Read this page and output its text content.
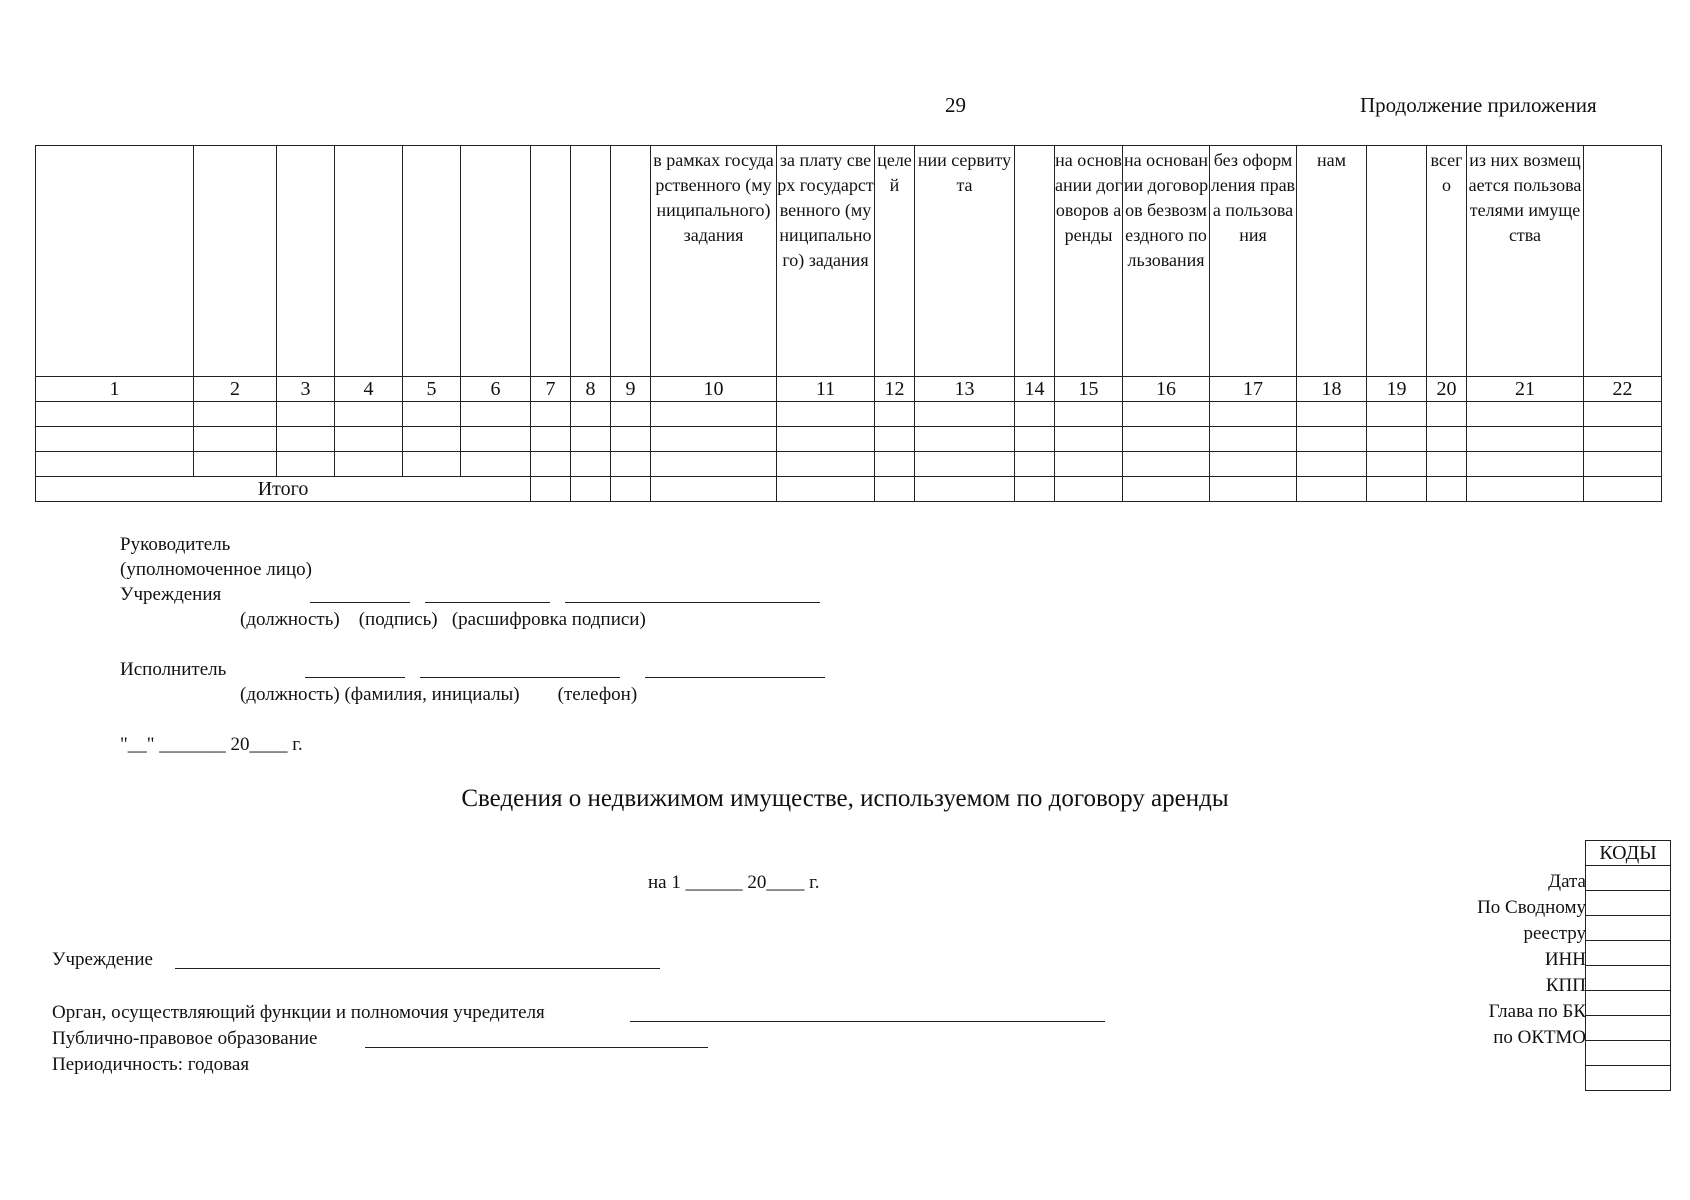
29	Продолжение приложения
									в рамках государственного (муниципального) задания	за плату сверх государственного (муниципального) задания	целей	нии сервитута		на основании договоров аренды	на основании договоров безвозмездного пользования	без оформления права пользования	нам		всего	из них возмещается пользователями имущества	
1	2	3	4	5	6	7	8	9	10	11	12	13	14	15	16	17	18	19	20	21	22

Итого																					
Руководитель
(уполномоченное лицо)
Учреждения
(должность)    (подпись)   (расшифровка подписи)
Исполнитель
(должность) (фамилия, инициалы)        (телефон)
"__" _______ 20____ г.
Сведения о недвижимом имуществе, используемом по договору аренды
на 1 ______ 20____ г.
Учреждение
Орган, осуществляющий функции и полномочия учредителя
Публично-правовое образование
Периодичность: годовая
КОДЫ
Дата
По Сводному
реестру
ИНН
КПП
Глава по БК
по ОКТМО
